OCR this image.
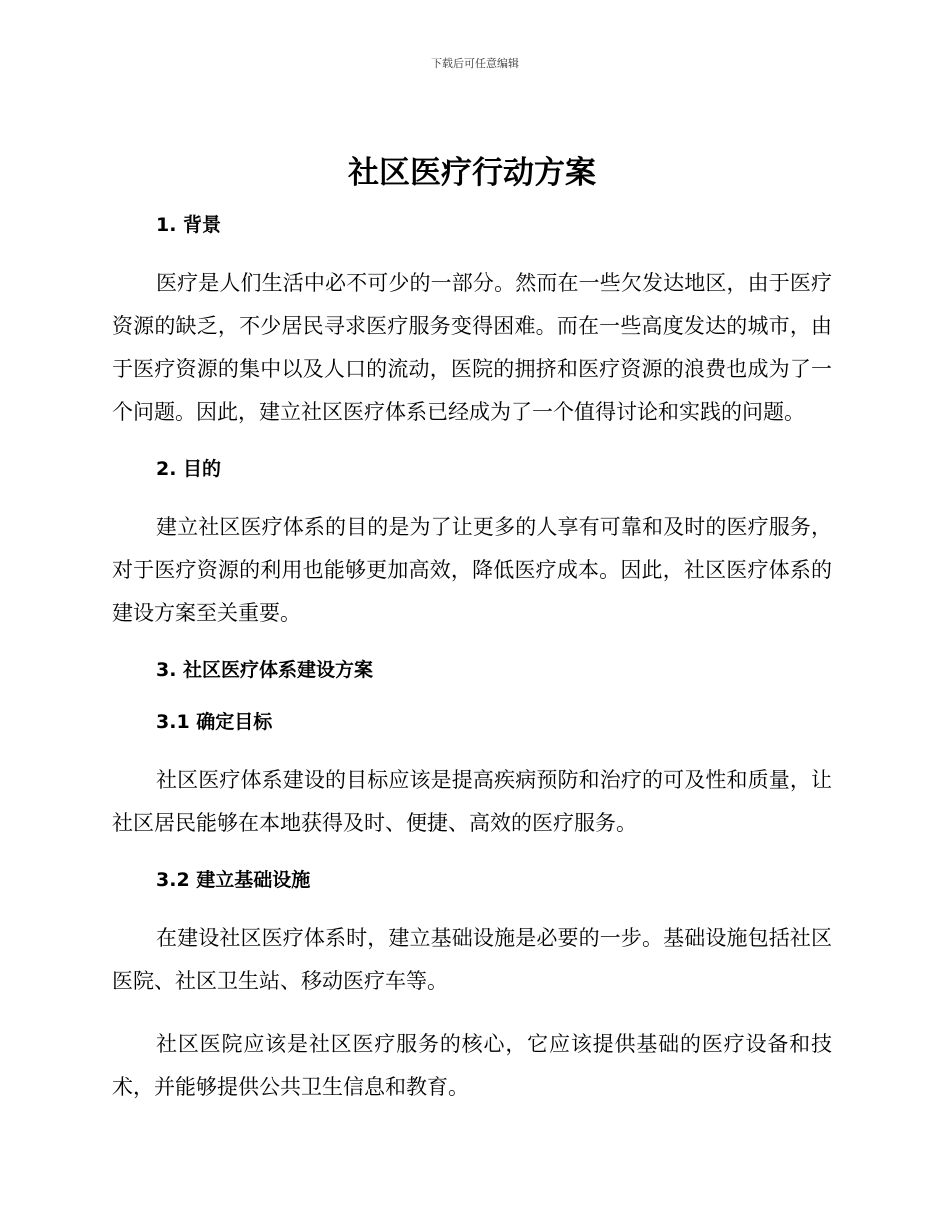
下载后可任意编辑
社区医疗行动方案
1. 背景

医疗是人们生活中必不可少的一部分。然而在一些欠发达地区，由于医疗资源的缺乏，不少居民寻求医疗服务变得困难。而在一些高度发达的城市，由于医疗资源的集中以及人口的流动，医院的拥挤和医疗资源的浪费也成为了一个问题。因此，建立社区医疗体系已经成为了一个值得讨论和实践的问题。

2. 目的

建立社区医疗体系的目的是为了让更多的人享有可靠和及时的医疗服务，对于医疗资源的利用也能够更加高效，降低医疗成本。因此，社区医疗体系的建设方案至关重要。

3. 社区医疗体系建设方案
3.1 确定目标

社区医疗体系建设的目标应该是提高疾病预防和治疗的可及性和质量，让社区居民能够在本地获得及时、便捷、高效的医疗服务。

3.2 建立基础设施

在建设社区医疗体系时，建立基础设施是必要的一步。基础设施包括社区医院、社区卫生站、移动医疗车等。

社区医院应该是社区医疗服务的核心，它应该提供基础的医疗设备和技术，并能够提供公共卫生信息和教育。
